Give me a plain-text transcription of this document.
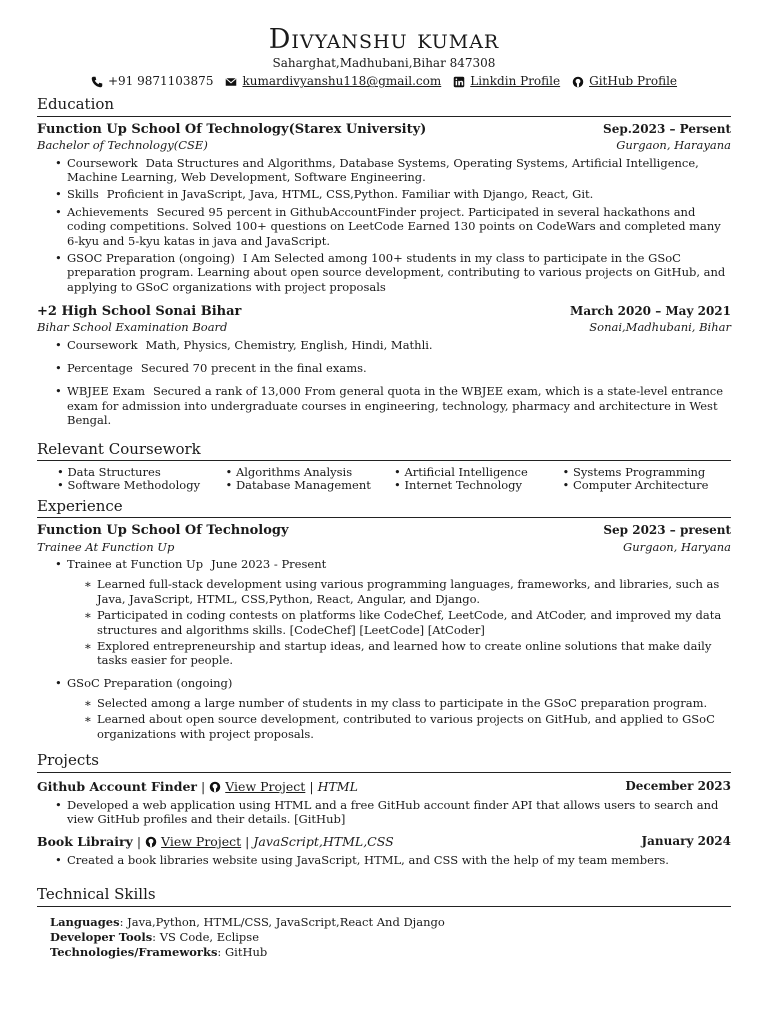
Divyanshu kumar
Saharghat,Madhubani,Bihar 847308
+91 9871103875 kumardivyanshu118@gmail.com Linkdin Profile GitHub Profile
Education
Function Up School Of Technology(Starex University)	Sep.2023 – Persent
Bachelor of Technology(CSE)	Gurgaon, Harayana
• Coursework Data Structures and Algorithms, Database Systems, Operating Systems, Artificial Intelligence, Machine Learning, Web Development, Software Engineering.
• Skills Proficient in JavaScript, Java, HTML, CSS,Python. Familiar with Django, React, Git.
• Achievements Secured 95 percent in GithubAccountFinder project. Participated in several hackathons and coding competitions. Solved 100+ questions on LeetCode Earned 130 points on CodeWars and completed many 6-kyu and 5-kyu katas in java and JavaScript.
• GSOC Preparation (ongoing) I Am Selected among 100+ students in my class to participate in the GSoC preparation program. Learning about open source development, contributing to various projects on GitHub, and applying to GSoC organizations with project proposals
+2 High School Sonai Bihar	March 2020 – May 2021
Bihar School Examination Board	Sonai,Madhubani, Bihar
• Coursework Math, Physics, Chemistry, English, Hindi, Mathli.
• Percentage Secured 70 precent in the final exams.
• WBJEE Exam Secured a rank of 13,000 From general quota in the WBJEE exam, which is a state-level entrance exam for admission into undergraduate courses in engineering, technology, pharmacy and architecture in West Bengal.
Relevant Coursework
• Data Structures	• Algorithms Analysis	• Artificial Intelligence	• Systems Programming
• Software Methodology	• Database Management	• Internet Technology	• Computer Architecture
Experience
Function Up School Of Technology	Sep 2023 – present
Trainee At Function Up	Gurgaon, Haryana
• Trainee at Function Up June 2023 - Present
∗ Learned full-stack development using various programming languages, frameworks, and libraries, such as Java, JavaScript, HTML, CSS,Python, React, Angular, and Django.
∗ Participated in coding contests on platforms like CodeChef, LeetCode, and AtCoder, and improved my data structures and algorithms skills. [CodeChef] [LeetCode] [AtCoder]
∗ Explored entrepreneurship and startup ideas, and learned how to create online solutions that make daily tasks easier for people.
• GSoC Preparation (ongoing)
∗ Selected among a large number of students in my class to participate in the GSoC preparation program.
∗ Learned about open source development, contributed to various projects on GitHub, and applied to GSoC organizations with project proposals.
Projects
Github Account Finder | View Project | HTML	December 2023
• Developed a web application using HTML and a free GitHub account finder API that allows users to search and view GitHub profiles and their details. [GitHub]
Book Librairy | View Project | JavaScript,HTML,CSS	January 2024
• Created a book libraries website using JavaScript, HTML, and CSS with the help of my team members.
Technical Skills
Languages: Java,Python, HTML/CSS, JavaScript,React And Django
Developer Tools: VS Code, Eclipse
Technologies/Frameworks: GitHub
